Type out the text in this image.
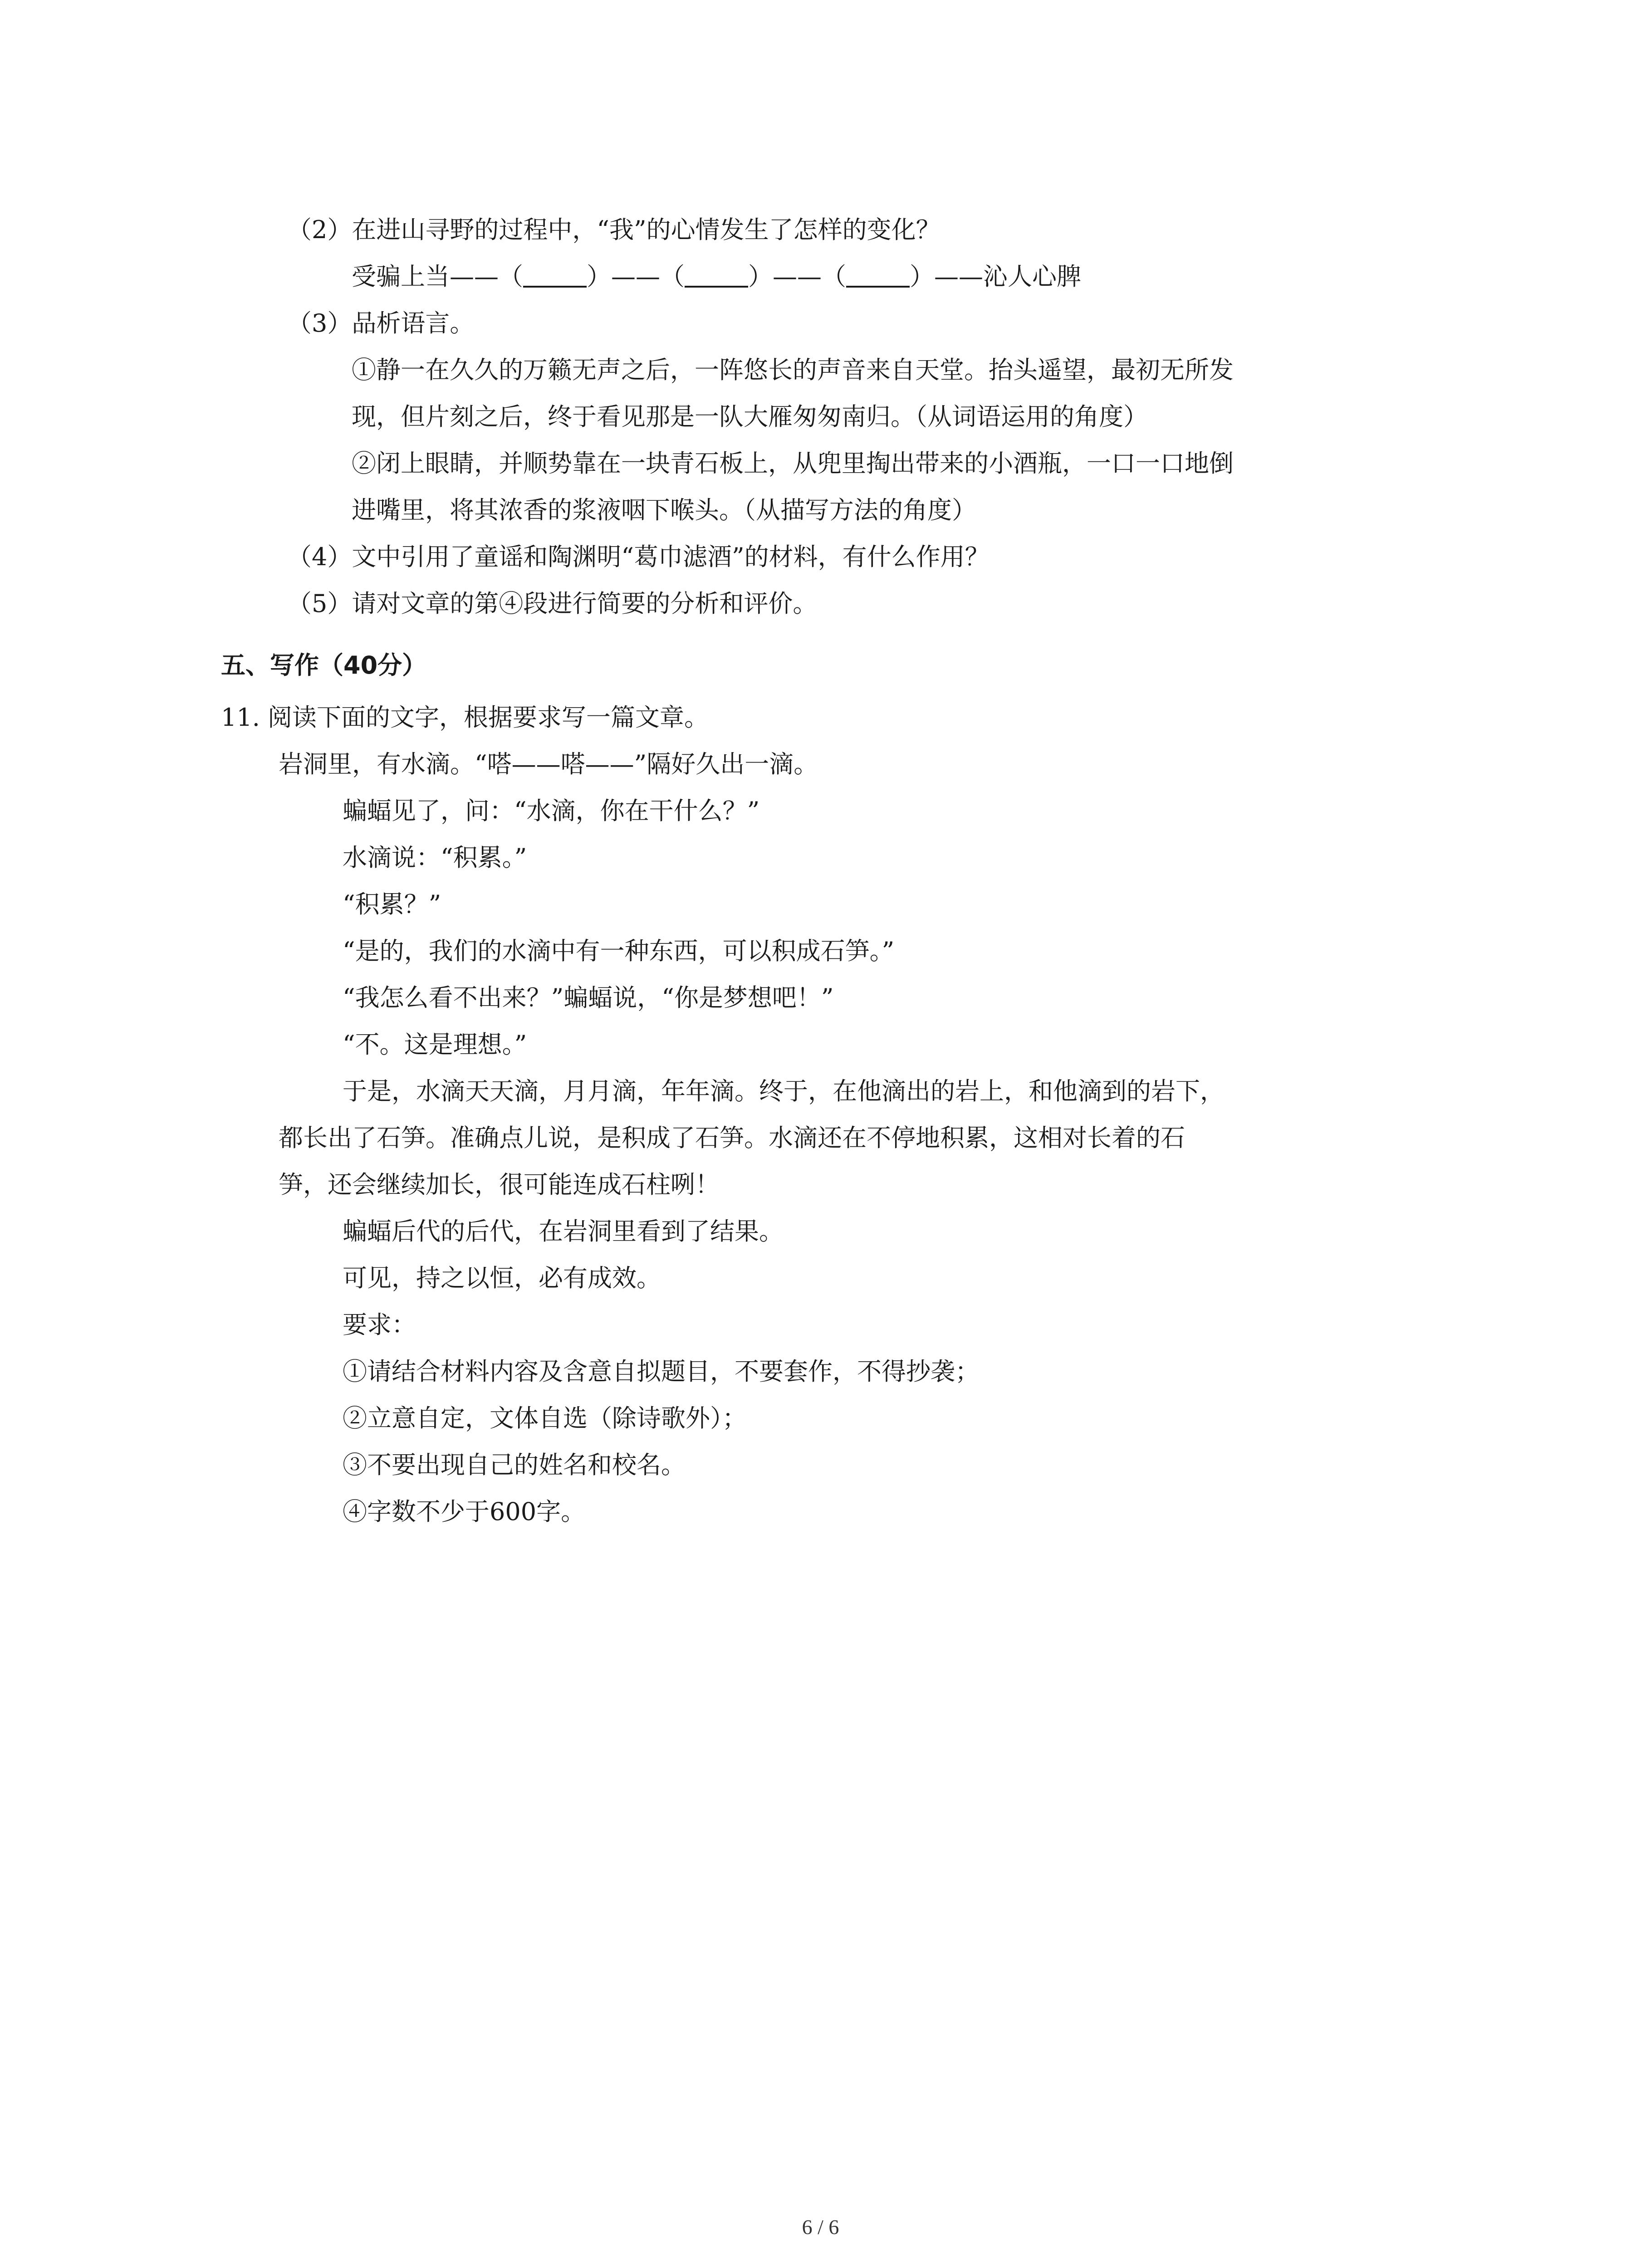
（2）在进山寻野的过程中，“我”的心情发生了怎样的变化？
受骗上当——（	）——（	）——（	）——沁人心脾
（3）品析语言。
①静一在久久的万籁无声之后，一阵悠长的声音来自天堂。抬头遥望，最初无所发
现，但片刻之后，终于看见那是一队大雁匆匆南归。（从词语运用的角度）
②闭上眼睛，并顺势靠在一块青石板上，从兜里掏出带来的小酒瓶，一口一口地倒
进嘴里，将其浓香的浆液咽下喉头。（从描写方法的角度）
（4）文中引用了童谣和陶渊明“葛巾滤酒”的材料，有什么作用？
（5）请对文章的第④段进行简要的分析和评价。
五、写作（40分）
11. 阅读下面的文字，根据要求写一篇文章。
岩洞里，有水滴。“嗒——嗒——”隔好久出一滴。
蝙蝠见了，问：“水滴，你在干什么？”
水滴说：“积累。”
“积累？”
“是的，我们的水滴中有一种东西，可以积成石笋。”
“我怎么看不出来？”蝙蝠说，“你是梦想吧！”
“不。这是理想。”
于是，水滴天天滴，月月滴，年年滴。终于，在他滴出的岩上，和他滴到的岩下，
都长出了石笋。准确点儿说，是积成了石笋。水滴还在不停地积累，这相对长着的石
笋，还会继续加长，很可能连成石柱咧！
蝙蝠后代的后代，在岩洞里看到了结果。
可见，持之以恒，必有成效。
要求：
①请结合材料内容及含意自拟题目，不要套作，不得抄袭；
②立意自定，文体自选（除诗歌外）；
③不要出现自己的姓名和校名。
④字数不少于600字。
6 / 6
